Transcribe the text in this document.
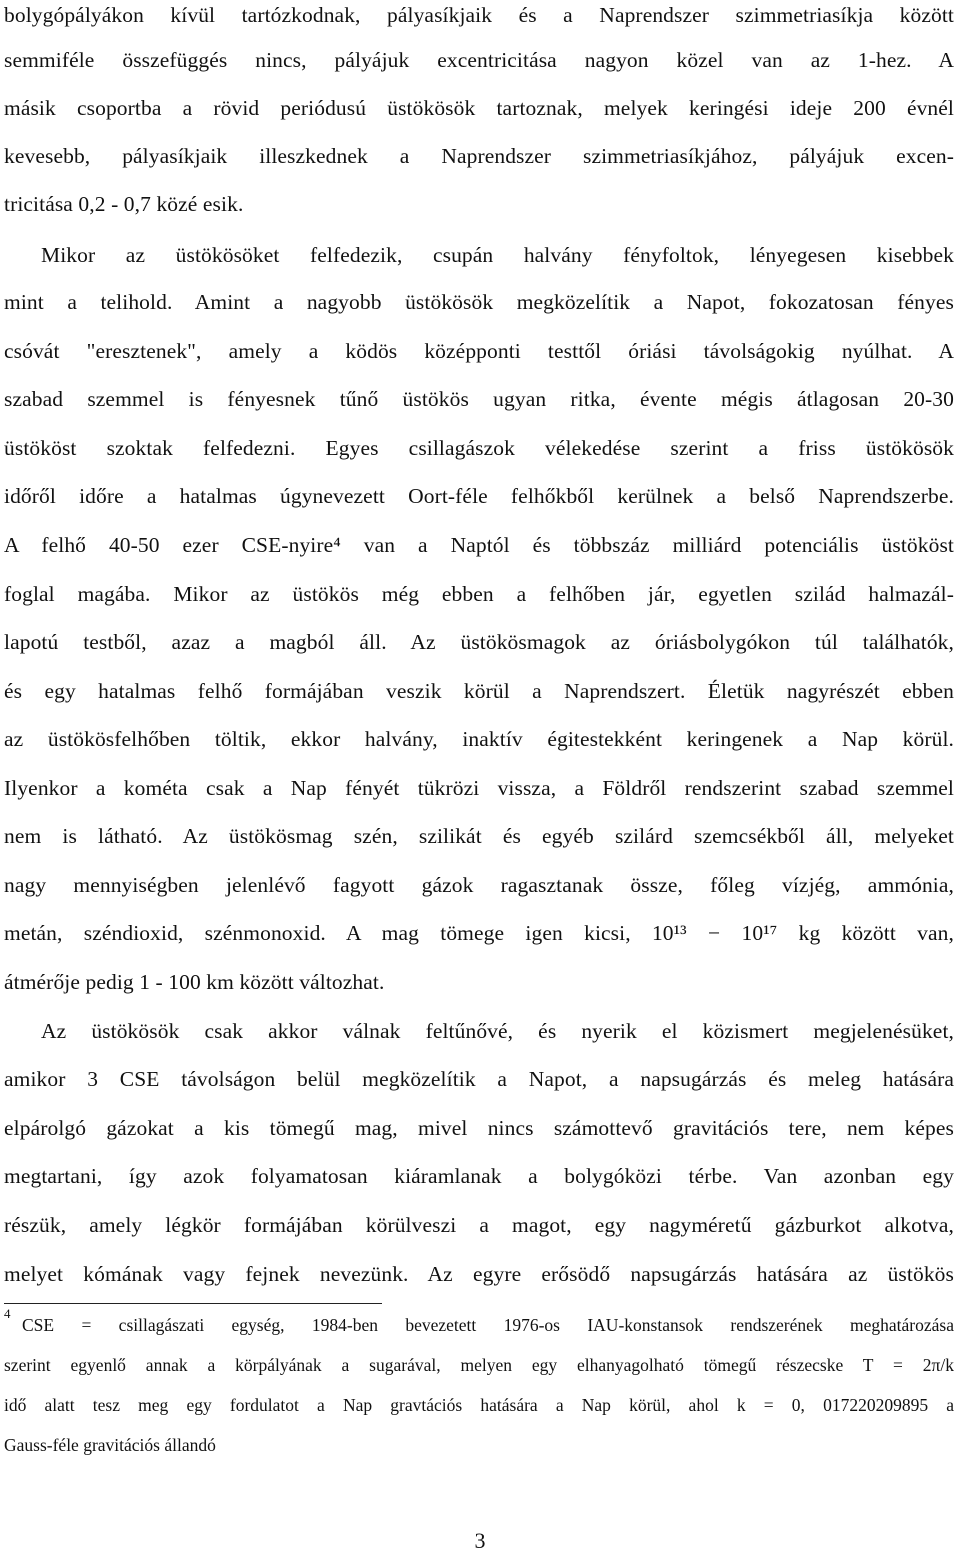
bolygópályákon kívül tartózkodnak, pályasíkjaik és a Naprendszer szimmetriasíkja között
semmiféle összefüggés nincs, pályájuk excentricitása nagyon közel van az 1-hez. A
másik csoportba a rövid periódusú üstökösök tartoznak, melyek keringési ideje 200 évnél
kevesebb, pályasíkjaik illeszkednek a Naprendszer szimmetriasíkjához, pályájuk excen-
tricitása 0,2 - 0,7 közé esik.
Mikor az üstökösöket felfedezik, csupán halvány fényfoltok, lényegesen kisebbek
mint a telihold. Amint a nagyobb üstökösök megközelítik a Napot, fokozatosan fényes
csóvát "eresztenek", amely a ködös középponti testtől óriási távolságokig nyúlhat. A
szabad szemmel is fényesnek tűnő üstökös ugyan ritka, évente mégis átlagosan 20-30
üstököst szoktak felfedezni. Egyes csillagászok vélekedése szerint a friss üstökösök
időről időre a hatalmas úgynevezett Oort-féle felhőkből kerülnek a belső Naprendszerbe.
A felhő 40-50 ezer CSE-nyire⁴ van a Naptól és többszáz milliárd potenciális üstököst
foglal magába. Mikor az üstökös még ebben a felhőben jár, egyetlen szilád halmazál-
lapotú testből, azaz a magból áll. Az üstökösmagok az óriásbolygókon túl találhatók,
és egy hatalmas felhő formájában veszik körül a Naprendszert. Életük nagyrészét ebben
az üstökösfelhőben töltik, ekkor halvány, inaktív égitestekként keringenek a Nap körül.
Ilyenkor a kométa csak a Nap fényét tükrözi vissza, a Földről rendszerint szabad szemmel
nem is látható. Az üstökösmag szén, szilikát és egyéb szilárd szemcsékből áll, melyeket
nagy mennyiségben jelenlévő fagyott gázok ragasztanak össze, főleg vízjég, ammónia,
metán, széndioxid, szénmonoxid. A mag tömege igen kicsi, 10¹³ − 10¹⁷ kg között van,
átmérője pedig 1 - 100 km között változhat.
Az üstökösök csak akkor válnak feltűnővé, és nyerik el közismert megjelenésüket,
amikor 3 CSE távolságon belül megközelítik a Napot, a napsugárzás és meleg hatására
elpárolgó gázokat a kis tömegű mag, mivel nincs számottevő gravitációs tere, nem képes
megtartani, így azok folyamatosan kiáramlanak a bolygóközi térbe. Van azonban egy
részük, amely légkör formájában körülveszi a magot, egy nagyméretű gázburkot alkotva,
melyet kómának vagy fejnek nevezünk. Az egyre erősödő napsugárzás hatására az üstökös
4
CSE = csillagászati egység, 1984-ben bevezetett 1976-os IAU-konstansok rendszerének meghatározása
szerint egyenlő annak a körpályának a sugarával, melyen egy elhanyagolható tömegű részecske T = 2π/k
idő alatt tesz meg egy fordulatot a Nap gravtációs hatására a Nap körül, ahol k = 0, 017220209895 a
Gauss-féle gravitációs állandó
3
